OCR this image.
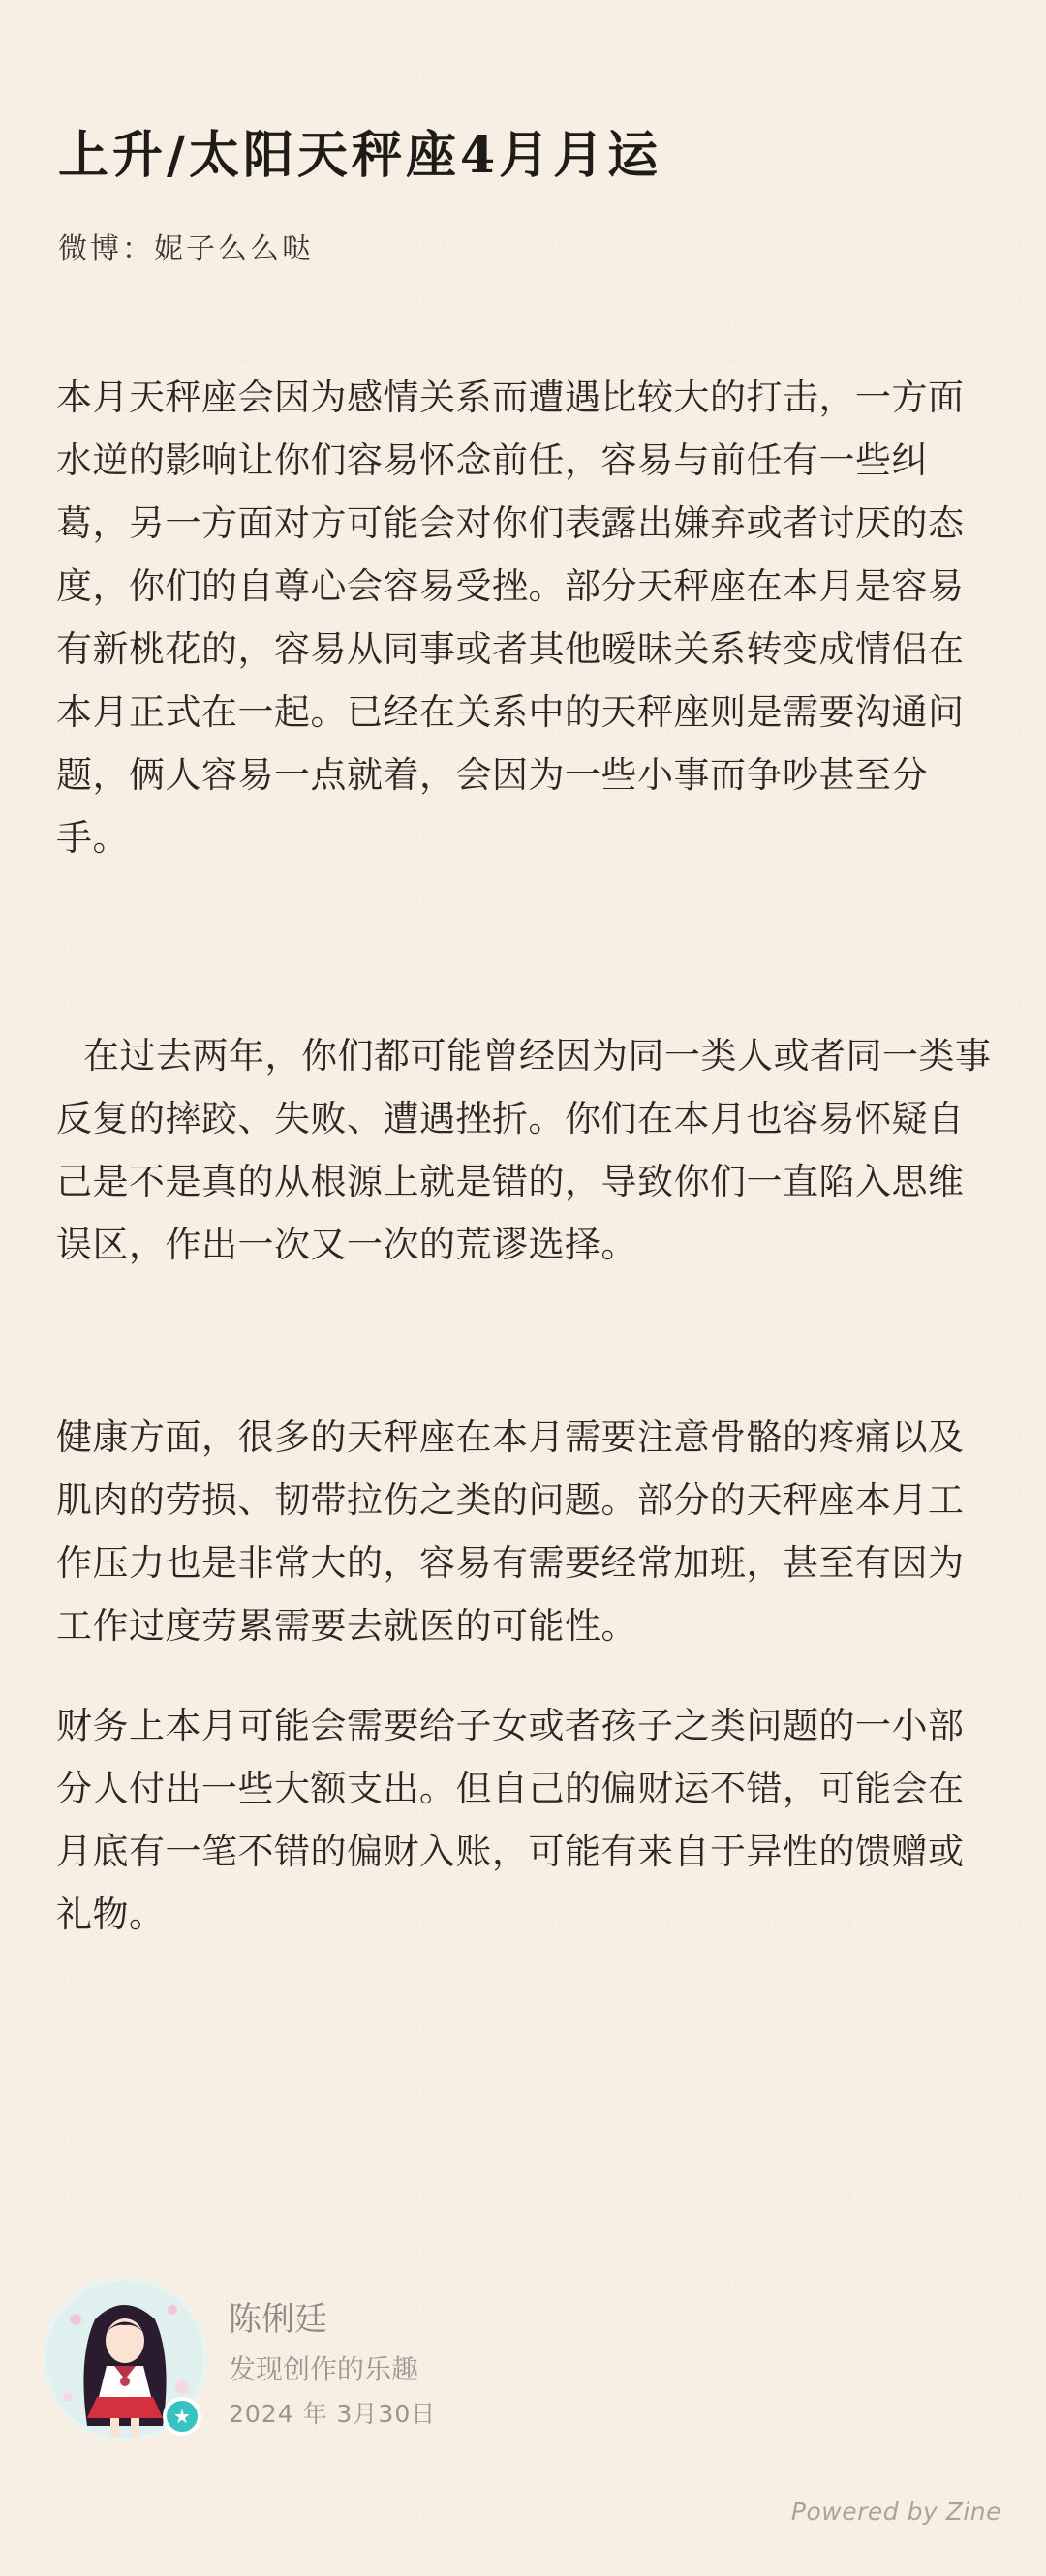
上升/太阳天秤座4月月运
微博：妮子么么哒

本月天秤座会因为感情关系而遭遇比较大的打击，一方面水逆的影响让你们容易怀念前任，容易与前任有一些纠葛，另一方面对方可能会对你们表露出嫌弃或者讨厌的态度，你们的自尊心会容易受挫。部分天秤座在本月是容易有新桃花的，容易从同事或者其他暧昧关系转变成情侣在本月正式在一起。已经在关系中的天秤座则是需要沟通问题，俩人容易一点就着，会因为一些小事而争吵甚至分手。

在过去两年，你们都可能曾经因为同一类人或者同一类事反复的摔跤、失败、遭遇挫折。你们在本月也容易怀疑自己是不是真的从根源上就是错的，导致你们一直陷入思维误区，作出一次又一次的荒谬选择。

健康方面，很多的天秤座在本月需要注意骨骼的疼痛以及肌肉的劳损、韧带拉伤之类的问题。部分的天秤座本月工作压力也是非常大的，容易有需要经常加班，甚至有因为工作过度劳累需要去就医的可能性。

财务上本月可能会需要给子女或者孩子之类问题的一小部分人付出一些大额支出。但自己的偏财运不错，可能会在月底有一笔不错的偏财入账，可能有来自于异性的馈赠或礼物。

★
陈俐廷
发现创作的乐趣
2024 年 3月30日
Powered by Zine
